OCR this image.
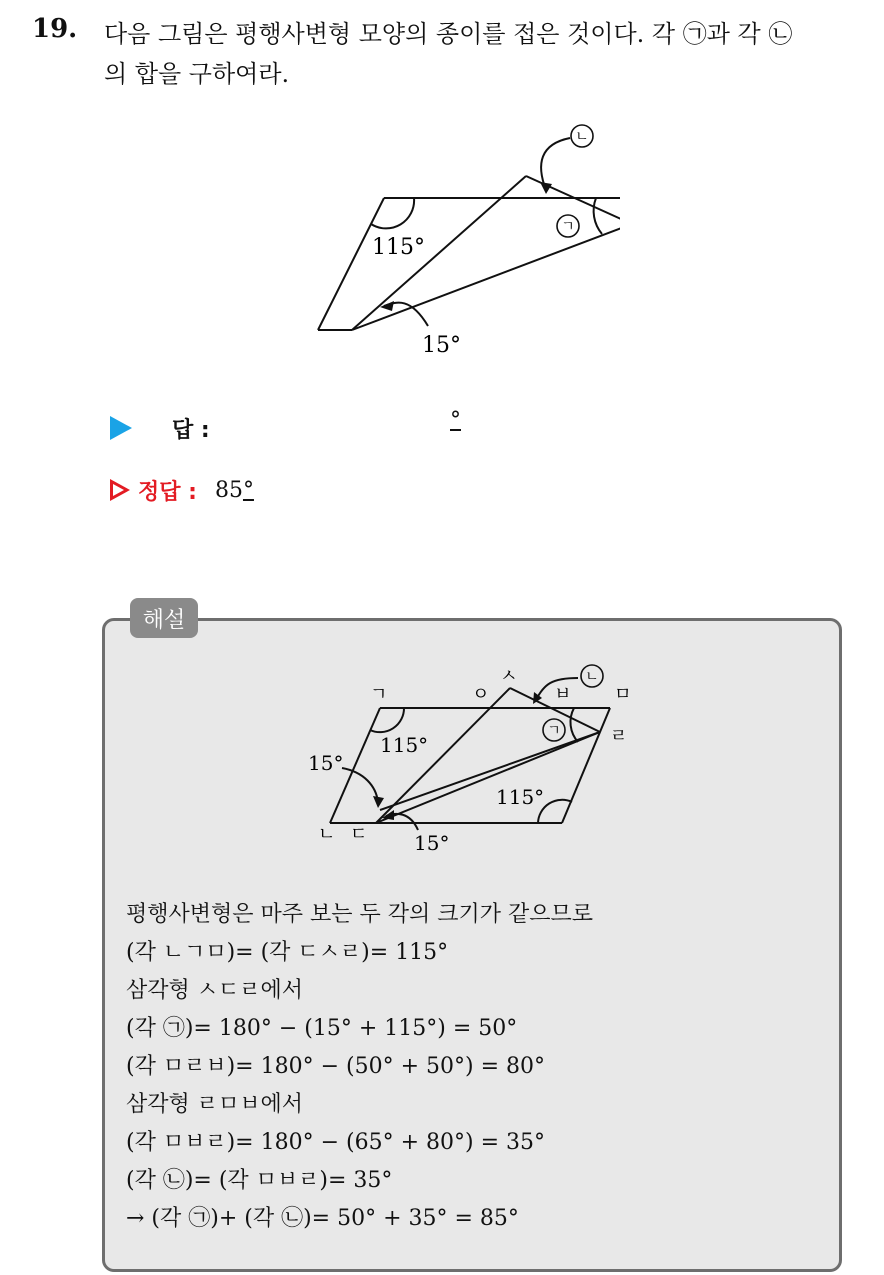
19. 다음 그림은 평행사변형 모양의 종이를 접은 것이다. 각 ㉠과 각 ㉡
의 합을 구하여라.
ㄴ
ㄱ
115°
15°
답 :	°
정답 : 85°
해설
ㄴ
ㄱ
ㄱ	ㅇ
ㅅ
ㅂ ㅁ
ㄹ
ㄴ ㄷ
115°
115°
15°
15°
평행사변형은 마주 보는 두 각의 크기가 같으므로
(각 ㄴㄱㅁ)= (각 ㄷㅅㄹ)= 115°
삼각형 ㅅㄷㄹ에서
(각 ㉠)= 180° − (15° + 115°) = 50°
(각 ㅁㄹㅂ)= 180° − (50° + 50°) = 80°
삼각형 ㄹㅁㅂ에서
(각 ㅁㅂㄹ)= 180° − (65° + 80°) = 35°
(각 ㉡)= (각 ㅁㅂㄹ)= 35°
→ (각 ㉠)+ (각 ㉡)= 50° + 35° = 85°
